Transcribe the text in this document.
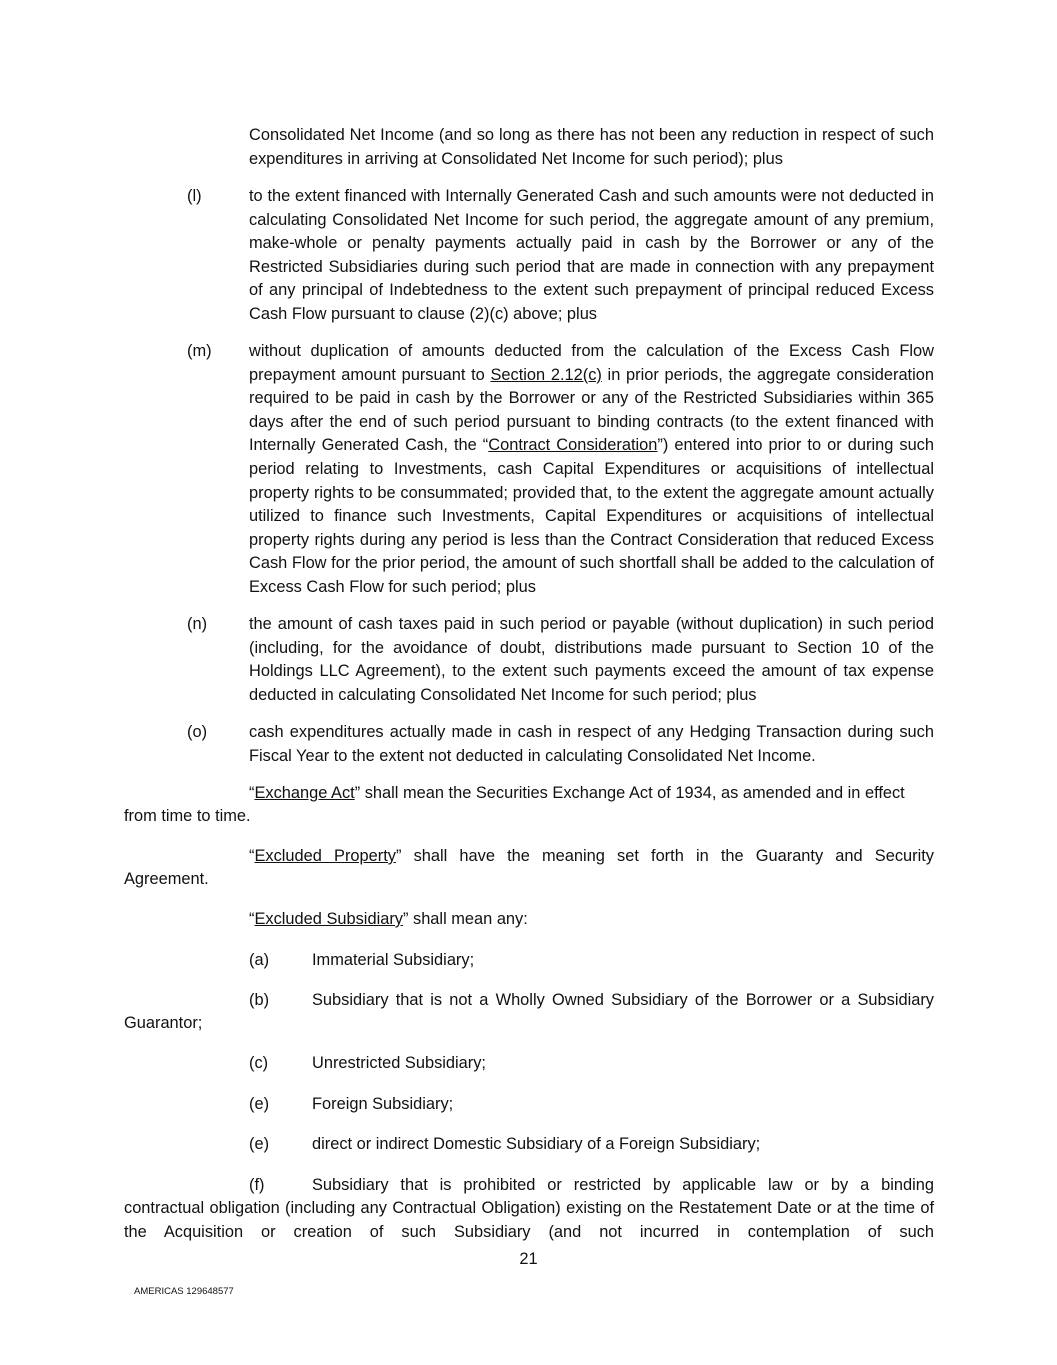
Consolidated Net Income (and so long as there has not been any reduction in respect of such expenditures in arriving at Consolidated Net Income for such period); plus

(l)	to the extent financed with Internally Generated Cash and such amounts were not deducted in calculating Consolidated Net Income for such period, the aggregate amount of any premium, make-whole or penalty payments actually paid in cash by the Borrower or any of the Restricted Subsidiaries during such period that are made in connection with any prepayment of any principal of Indebtedness to the extent such prepayment of principal reduced Excess Cash Flow pursuant to clause (2)(c) above; plus

(m) without duplication of amounts deducted from the calculation of the Excess Cash Flow prepayment amount pursuant to Section 2.12(c) in prior periods, the aggregate consideration required to be paid in cash by the Borrower or any of the Restricted Subsidiaries within 365 days after the end of such period pursuant to binding contracts (to the extent financed with Internally Generated Cash, the “Contract Consideration”) entered into prior to or during such period relating to Investments, cash Capital Expenditures or acquisitions of intellectual property rights to be consummated; provided that, to the extent the aggregate amount actually utilized to finance such Investments, Capital Expenditures or acquisitions of intellectual property rights during any period is less than the Contract Consideration that reduced Excess Cash Flow for the prior period, the amount of such shortfall shall be added to the calculation of Excess Cash Flow for such period; plus

(n)	the amount of cash taxes paid in such period or payable (without duplication) in such period (including, for the avoidance of doubt, distributions made pursuant to Section 10 of the Holdings LLC Agreement), to the extent such payments exceed the amount of tax expense deducted in calculating Consolidated Net Income for such period; plus

(o)	cash expenditures actually made in cash in respect of any Hedging Transaction during such Fiscal Year to the extent not deducted in calculating Consolidated Net Income.

“Exchange Act” shall mean the Securities Exchange Act of 1934, as amended and in effect

from time to time.

“Excluded Property” shall have the meaning set forth in the Guaranty and Security

Agreement.

“Excluded Subsidiary” shall mean any:

(a)	Immaterial Subsidiary;
(b)	Subsidiary that is not a Wholly Owned Subsidiary of the Borrower or a Subsidiary
Guarantor;
(c)	Unrestricted Subsidiary;
(e)	Foreign Subsidiary;
(e)	direct or indirect Domestic Subsidiary of a Foreign Subsidiary;
(f)	Subsidiary that is prohibited or restricted by applicable law or by a binding
contractual obligation (including any Contractual Obligation) existing on the Restatement Date or at the time of the Acquisition or creation of such Subsidiary (and not incurred in contemplation of such
21
AMERICAS 129648577
